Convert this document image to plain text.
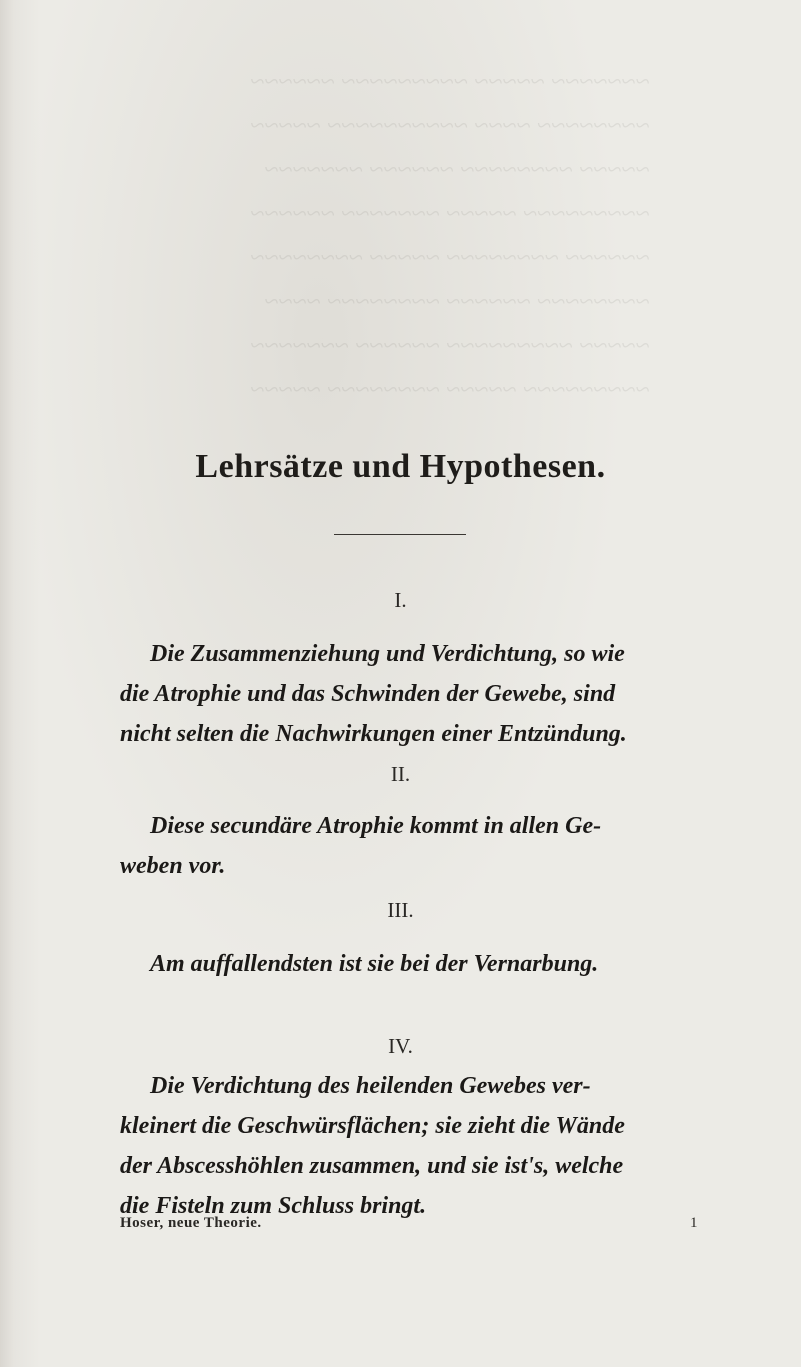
~~~~~~~ ~~~~~ ~~~~~~~~~ ~~~~~~
~~~~~~~~ ~~~~ ~~~~~~~~~~ ~~~~~
~~~~~ ~~~~~~~~ ~~~~~~ ~~~~~~~
~~~~~~~~~ ~~~~~ ~~~~~~~ ~~~~~~
~~~~~~ ~~~~~~~~ ~~~~~ ~~~~~~~~
~~~~~~~~ ~~~~~~ ~~~~~~~~ ~~~~
~~~~~ ~~~~~~~~~ ~~~~~~ ~~~~~~~
~~~~~~~~~ ~~~~~ ~~~~~~~~ ~~~~~
Lehrsätze und Hypothesen.
I.
Die Zusammenziehung und Verdichtung, so wie
die Atrophie und das Schwinden der Gewebe, sind
nicht selten die Nachwirkungen einer Entzündung.
II.
Diese secundäre Atrophie kommt in allen Ge-
weben vor.
III.
Am auffallendsten ist sie bei der Vernarbung.
IV.
Die Verdichtung des heilenden Gewebes ver-
kleinert die Geschwürsflächen; sie zieht die Wände
der Abscesshöhlen zusammen, und sie ist's, welche
die Fisteln zum Schluss bringt.
Hoser, neue Theorie.	1
